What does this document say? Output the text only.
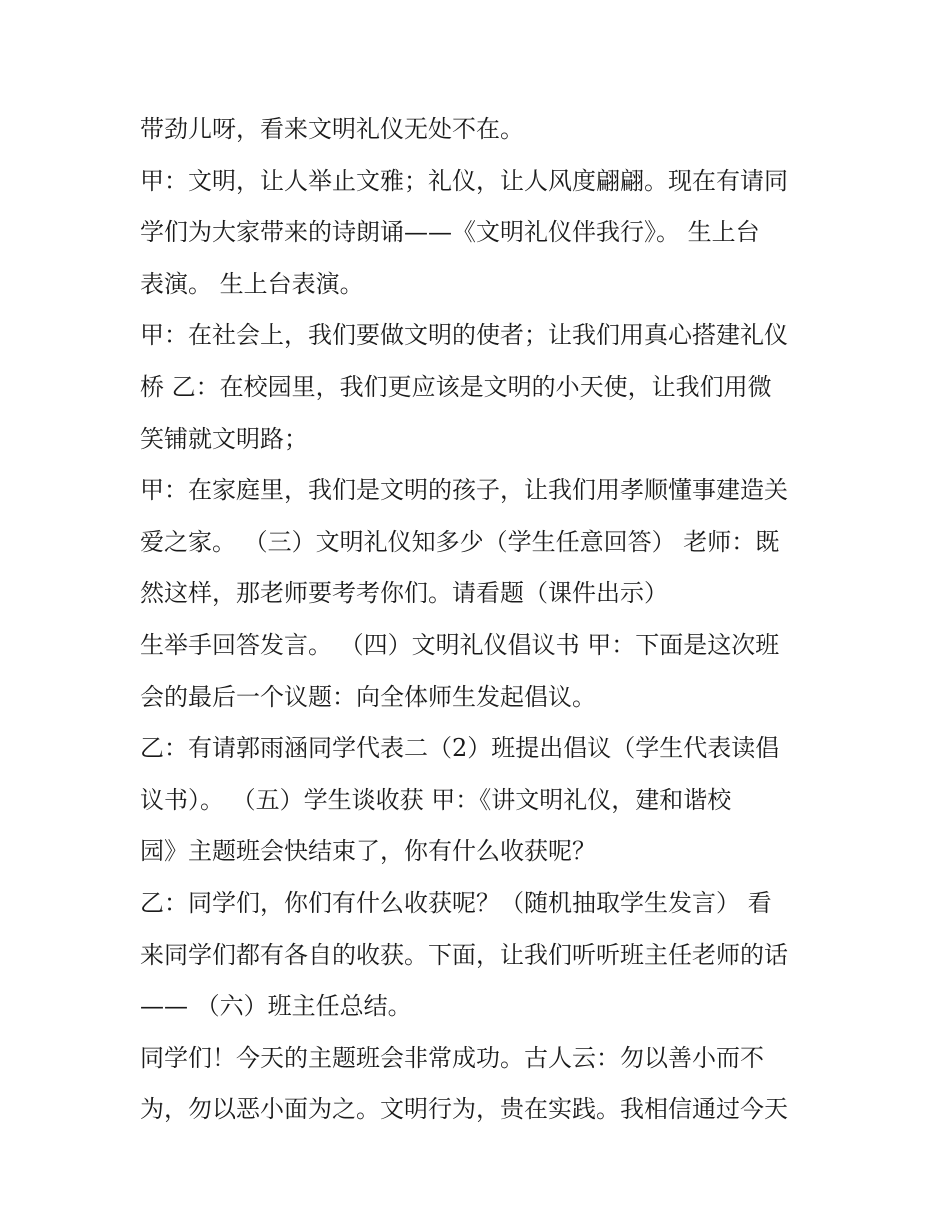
带劲儿呀，看来文明礼仪无处不在。
甲：文明，让人举止文雅；礼仪，让人风度翩翩。现在有请同
学们为大家带来的诗朗诵——《文明礼仪伴我行》。 生上台
表演。 生上台表演。
甲：在社会上，我们要做文明的使者；让我们用真心搭建礼仪
桥 乙：在校园里，我们更应该是文明的小天使，让我们用微
笑铺就文明路；
甲：在家庭里，我们是文明的孩子，让我们用孝顺懂事建造关
爱之家。 （三）文明礼仪知多少（学生任意回答） 老师：既
然这样，那老师要考考你们。请看题（课件出示）
生举手回答发言。 （四）文明礼仪倡议书 甲：下面是这次班
会的最后一个议题：向全体师生发起倡议。
乙：有请郭雨涵同学代表二（2）班提出倡议（学生代表读倡
议书）。 （五）学生谈收获 甲：《讲文明礼仪，建和谐校
园》主题班会快结束了，你有什么收获呢？
乙：同学们，你们有什么收获呢？（随机抽取学生发言） 看
来同学们都有各自的收获。下面，让我们听听班主任老师的话
—— （六）班主任总结。
同学们！今天的主题班会非常成功。古人云：勿以善小而不
为，勿以恶小面为之。文明行为，贵在实践。我相信通过今天
